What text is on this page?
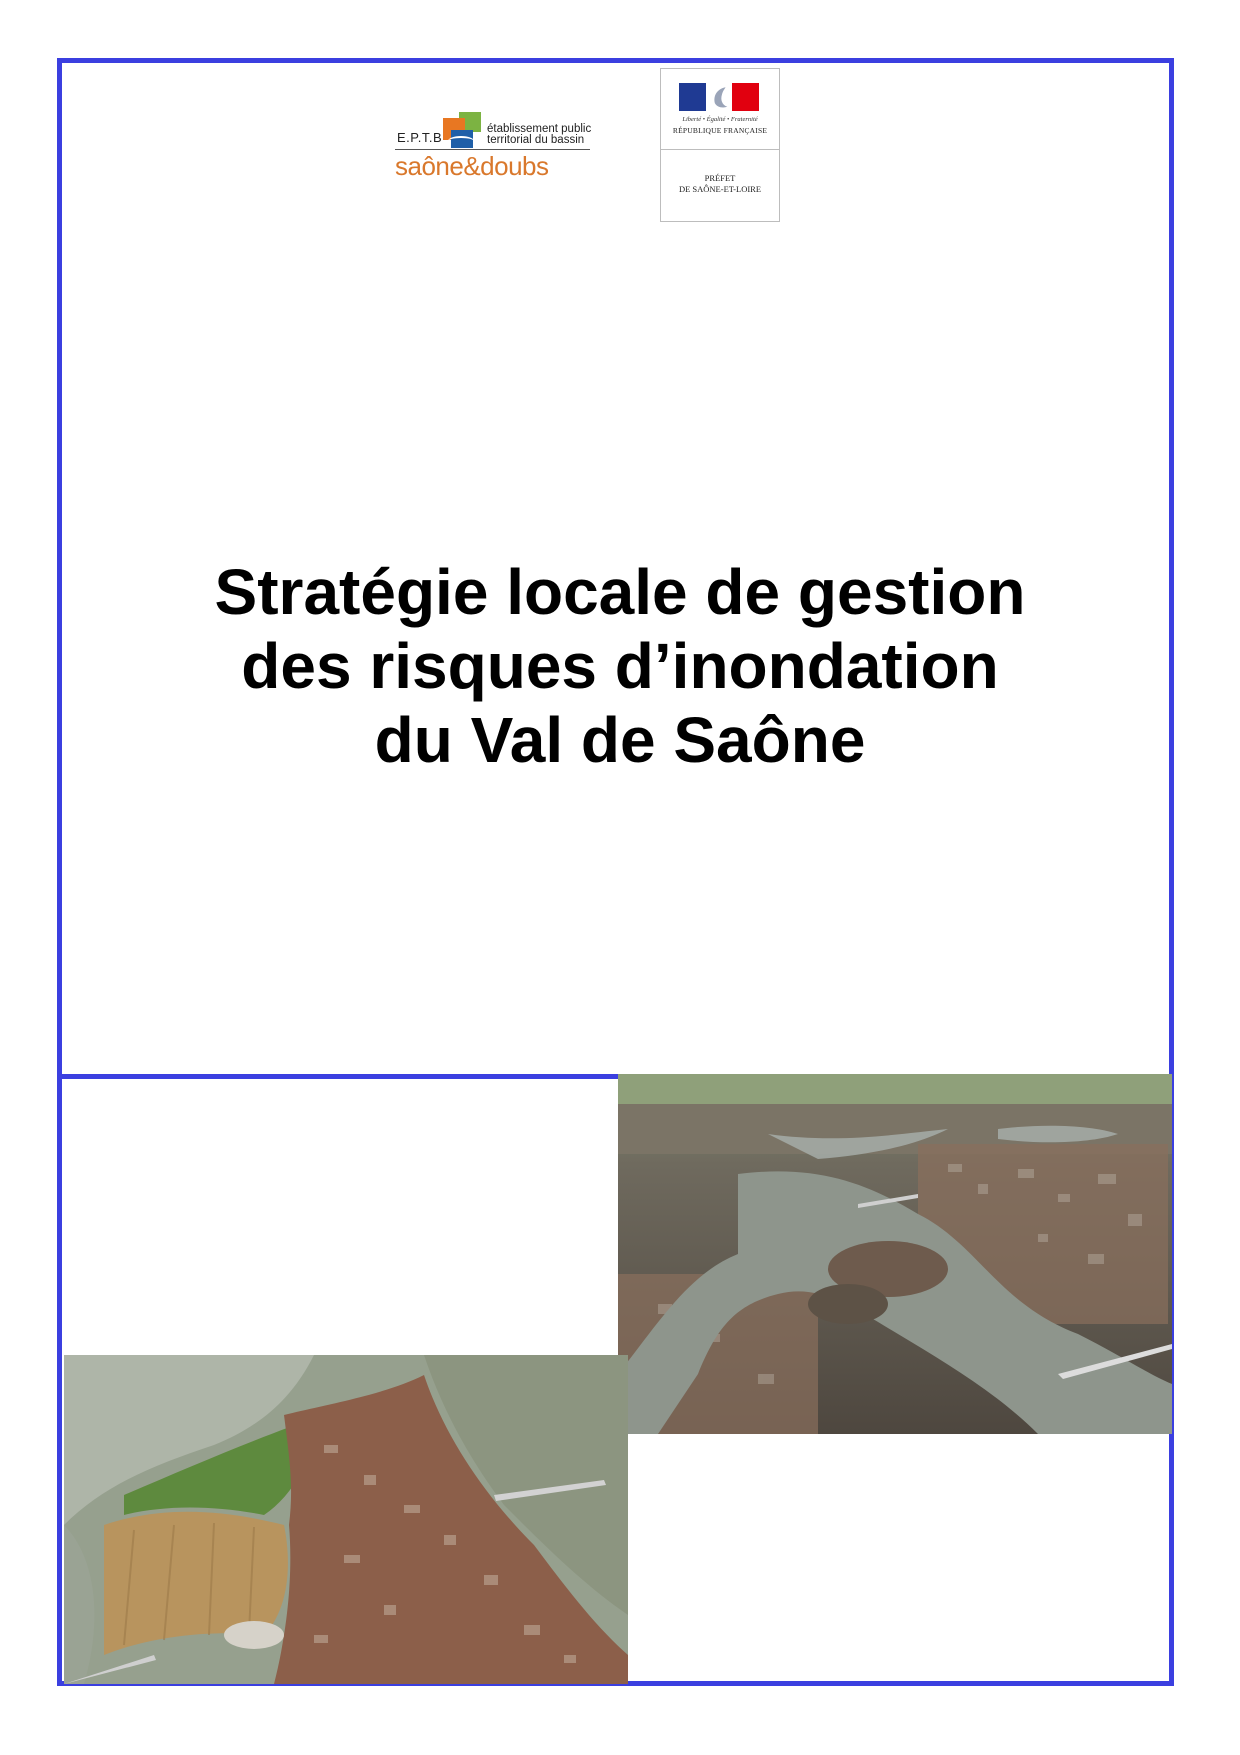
E.P.T.B
établissement public
territorial du bassin
saône&doubs
Liberté • Égalité • Fraternité
RÉPUBLIQUE FRANÇAISE
PRÉFET
DE SAÔNE-ET-LOIRE
Stratégie locale de gestion
des risques d’inondation
du Val de Saône
